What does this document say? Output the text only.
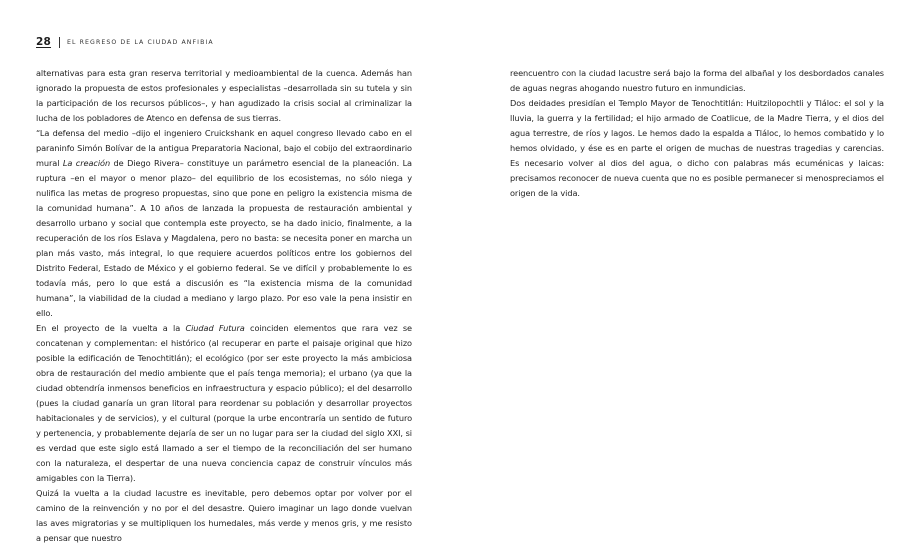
28	EL REGRESO DE LA CIUDAD ANFIBIA

alternativas para esta gran reserva territorial y medioambiental de la cuenca. Además han ignorado la propuesta de estos profesionales y especialistas –desarrollada sin su tutela y sin la participación de los recursos públicos–, y han agudizado la crisis social al criminalizar la lucha de los pobladores de Atenco en defensa de sus tierras.

“La defensa del medio –dijo el ingeniero Cruickshank en aquel congreso llevado cabo en el paraninfo Simón Bolívar de la antigua Preparatoria Nacional, bajo el cobijo del extraordinario mural La creación de Diego Rivera– constituye un parámetro esencial de la planeación. La ruptura –en el mayor o menor plazo– del equilibrio de los ecosistemas, no sólo niega y nulifica las metas de progreso propuestas, sino que pone en peligro la existencia misma de la comunidad humana”. A 10 años de lanzada la propuesta de restauración ambiental y desarrollo urbano y social que contempla este proyecto, se ha dado inicio, finalmente, a la recuperación de los ríos Eslava y Magdalena, pero no basta: se necesita poner en marcha un plan más vasto, más integral, lo que requiere acuerdos políticos entre los gobiernos del Distrito Federal, Estado de México y el gobierno federal. Se ve difícil y probablemente lo es todavía más, pero lo que está a discusión es “la existencia misma de la comunidad humana”, la viabilidad de la ciudad a mediano y largo plazo. Por eso vale la pena insistir en ello.

En el proyecto de la vuelta a la Ciudad Futura coinciden elementos que rara vez se concatenan y complementan: el histórico (al recuperar en parte el paisaje original que hizo posible la edificación de Tenochtitlán); el ecológico (por ser este proyecto la más ambiciosa obra de restauración del medio ambiente que el país tenga memoria); el urbano (ya que la ciudad obtendría inmensos beneficios en infraestructura y espacio público); el del desarrollo (pues la ciudad ganaría un gran litoral para reordenar su población y desarrollar proyectos habitacionales y de servicios), y el cultural (porque la urbe encontraría un sentido de futuro y pertenencia, y probablemente dejaría de ser un no lugar para ser la ciudad del siglo XXI, si es verdad que este siglo está llamado a ser el tiempo de la reconciliación del ser humano con la naturaleza, el despertar de una nueva conciencia capaz de construir vínculos más amigables con la Tierra).

Quizá la vuelta a la ciudad lacustre es inevitable, pero debemos optar por volver por el camino de la reinvención y no por el del desastre. Quiero imaginar un lago donde vuelvan las aves migratorias y se multipliquen los humedales, más verde y menos gris, y me resisto a pensar que nuestro

reencuentro con la ciudad lacustre será bajo la forma del albañal y los desbordados canales de aguas negras ahogando nuestro futuro en inmundicias.

Dos deidades presidían el Templo Mayor de Tenochtitlán: Huitzilopochtli y Tláloc: el sol y la lluvia, la guerra y la fertilidad; el hijo armado de Coatlicue, de la Madre Tierra, y el dios del agua terrestre, de ríos y lagos. Le hemos dado la espalda a Tláloc, lo hemos combatido y lo hemos olvidado, y ése es en parte el origen de muchas de nuestras tragedias y carencias. Es necesario volver al dios del agua, o dicho con palabras más ecuménicas y laicas: precisamos reconocer de nueva cuenta que no es posible permanecer si menospreciamos el origen de la vida.
